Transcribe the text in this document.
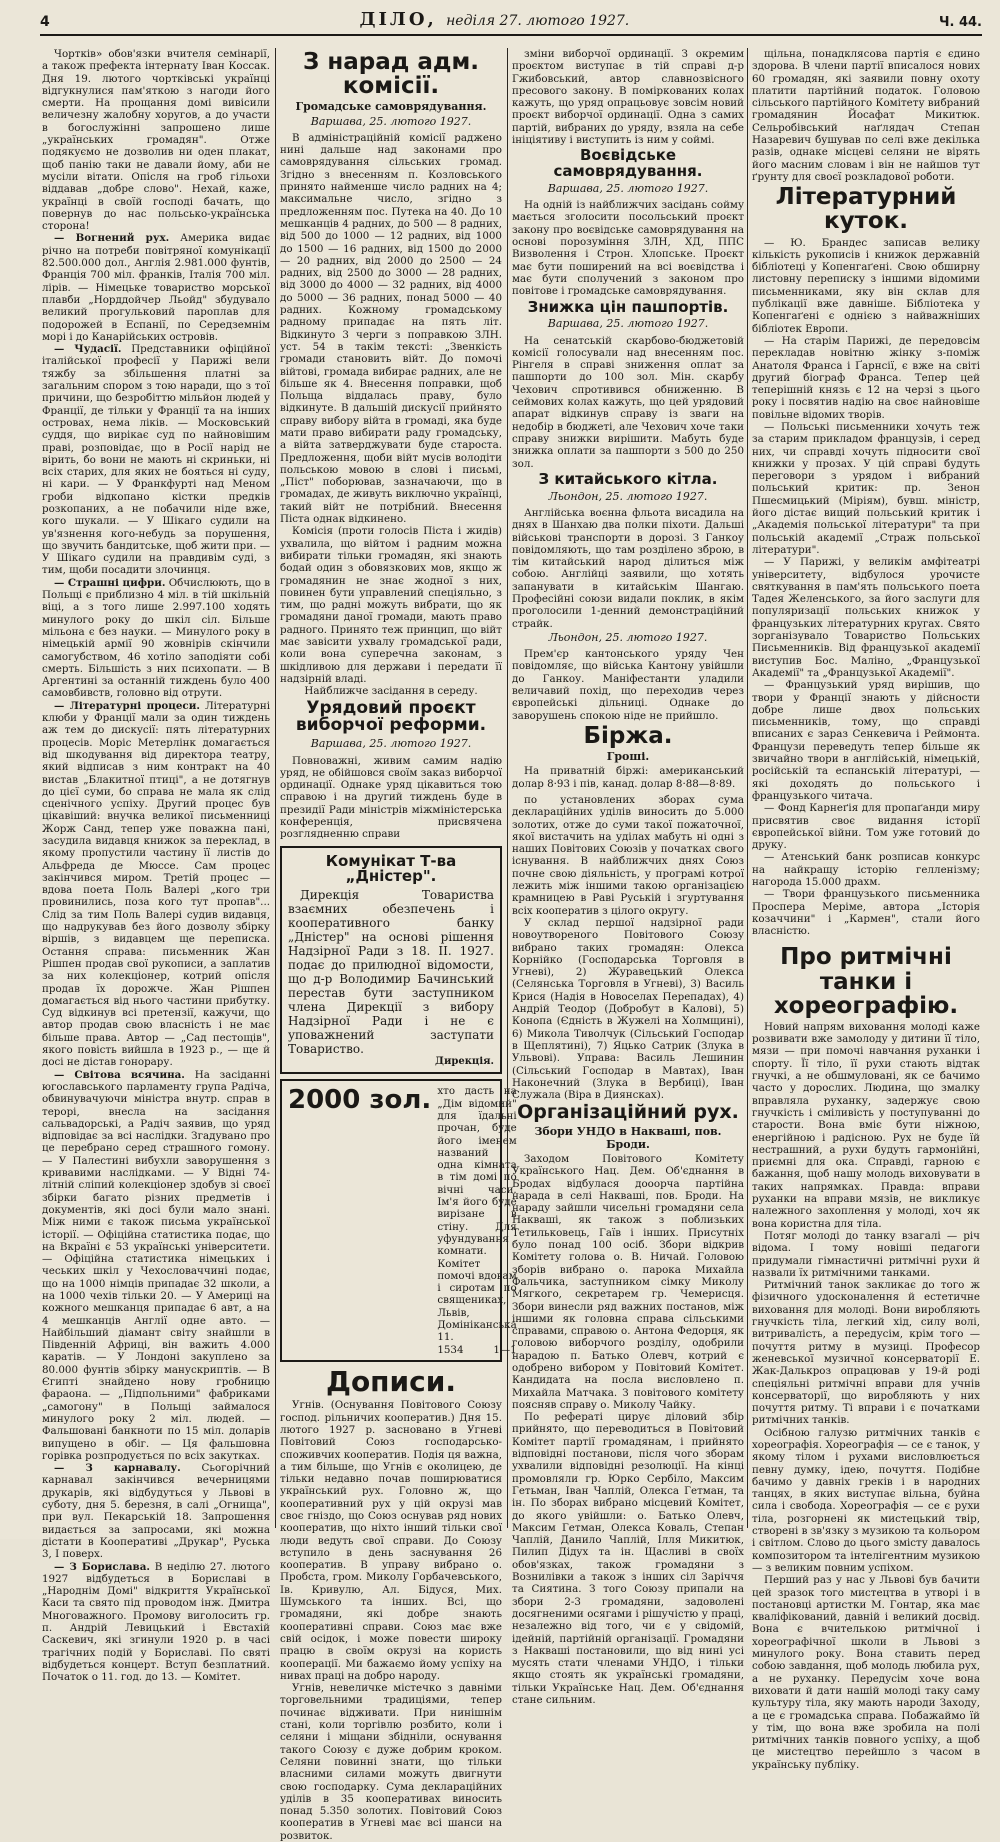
4	ДІЛО, неділя 27. лютого 1927.	Ч. 44.

Чортків» обов'язки вчителя семінарії, а також префекта інтернату Іван Коссак. Дня 19. лютого чортківські українці відгукнулися пам'яткою з нагоди його смерти. На прощання домі вивісили величезну жалобну хоругов, а до участи в богослужінні запрошено лише „українських громадян". Отже подякуємо не дозволив ни оден плакат, щоб панію таки не давали йому, аби не мусіли вітати. Опісля на гроб гільохи віддавав „добре слово". Нехай, каже, українці в своїй господі бачать, що повернув до нас польсько-українська сторона!

— Вогнений рух. Америка видає річно на потреби повітряної комунікації 82.500.000 дол., Англія 2.981.000 фунтів, Франція 700 міл. франків, Італія 700 міл. лірів. — Німецьке товариство морської плавби „Норддойчер Льойд" збудувало великий прогульковий пароплав для подорожей в Еспанії, по Середземнім морі і до Канарійських островів.

— Чудасії. Представники офіційної італійської професії у Парижі вели тяжбу за збільшення платні за загальним спором з тою наради, що з тої причини, що безробіттю мільйон людей у Франції, де тільки у Франції та на інших островах, нема ліків. — Московський суддя, що вирікає суд по найновішим праві, розповідає, що в Росії нарід не вірить, бо вони не мають ні скриньки, ні всіх старих, для яких не бояться ні суду, ні кари. — У Франкфурті над Меном гроби відкопано кістки предків розкопаних, а не побачили ніде вже, кого шукали. — У Шікаго судили на ув'язнення кого-небудь за порушення, що звучить бандитське, щоб жити при. — У Шікаго судили на правдивім суді, з тим, щоби посадити злочинця.

— Страшні цифри. Обчислюють, що в Польщі є приблизно 4 міл. в тій шкільній віці, а з того лише 2.997.100 ходять минулого року до шкіл сіл. Більше мільона є без науки. — Минулого року в німецькій армії 90 жовнірів скінчили самогубством, 46 хотіло заподіяти собі смерть. Більшість з них психопати. — В Аргентині за останній тиждень було 400 самовбивств, головно від отрути.

— Літературні процеси. Літературні клюби у Франції мали за один тиждень аж тем до дискусії: пять літературних процесів. Моріс Метерлінк домагається від шкодування від директора театру, який відписав з ним контракт на 40 вистав „Блакитної птиці", а не дотягнув до цієї суми, бо справа не мала як слід сценічного успіху. Другий процес був цікавіший: внучка великої письменниці Жорж Санд, тепер уже поважна пані, засудила видавця книжок за переклад, в якому пропустили частину її листів до Альфреда де Мюссе. Сам процес закінчився миром. Третій процес — вдова поета Поль Валері „кого три провинились, поза кого тут пропав"... Слід за тим Поль Валері судив видавця, що надрукував без його дозволу збірку віршів, з видавцем ще переписка. Остання справа: письменник Жан Рішпен продав свої рукописи, а заплатив за них колекціонер, котрий опісля продав їх дорожче. Жан Рішпен домагається від нього частини прибутку. Суд відкинув всі претензії, кажучи, що автор продав свою власність і не має більше права. Автор — „Сад пестощів", якого повість вийшла в 1923 р., — ще й досі не дістав гонорару.

— Світова всячина. На засіданні югославського парламенту група Радіча, обвинувачуючи міністра внутр. справ в терорі, внесла на засідання сальвадорські, а Радіч заявив, що уряд відповідає за всі наслідки. Згадувано про це перебрано серед страшного гомону. — У Палестині вибухли заворушення з кривавими наслідками. — У Відні 74-літній сліпий колекціонер здобув зі своєї збірки багато різних предметів і документів, які досі були мало знані. Між ними є також письма української історії. — Офіційна статистика подає, що на Вкраїні є 53 українські університети. — Офіційна статистика німецьких і чеських шкіл у Чехословаччині подає, що на 1000 німців припадає 32 школи, а на 1000 чехів тільки 20. — У Америці на кожного мешканця припадає 6 авт, а на 4 мешканців Англії одне авто. — Найбільший діамант світу знайшли в Південній Африці, він важить 4.000 каратів. — У Лондоні закуплено за 80.000 фунтів збірку манускриптів. — В Єгипті знайдено нову гробницю фараона. — „Підпольними" фабриками „самогону" в Польщі займалося минулого року 2 міл. людей. — Фальшовані банкноти по 15 міл. доларів випущено в обіг. — Ця фальшовна горівка розпродується по всіх закутках.

— З карнавалу. Сьогорічний карнавал закінчився вечерницями друкарів, які відбудуться у Львові в суботу, дня 5. березня, в салі „Огнища", при вул. Пекарській 18. Запрошення видається за запросами, які можна дістати в Кооперативі „Друкар", Руська 3, І поверх.

— З Борислава. В неділю 27. лютого 1927 відбудеться в Бориславі в „Народнім Домі" відкриття Української Каси та свято під проводом інж. Дмитра Многоважного. Промову виголосить гр. п. Андрій Левицький і Евстахій Саскевич, які згинули 1920 р. в часі трагічних подій у Бориславі. По святі відбудеться концерт. Вступ безплатний. Початок о 11. год. до 13. — Комітет.

З нарад адм. комісії.
Громадське самоврядування.
Варшава, 25. лютого 1927.

В адміністраційній комісії раджено нині дальше над законами про самоврядування сільських громад. Згідно з внесенням п. Козловського принято найменше число радних на 4; максимальне число, згідно з предложенням пос. Путека на 40. До 10 мешканців 4 радних, до 500 — 8 радних, від 500 до 1000 — 12 радних, від 1000 до 1500 — 16 радних, від 1500 до 2000 — 20 радних, від 2000 до 2500 — 24 радних, від 2500 до 3000 — 28 радних, від 3000 до 4000 — 32 радних, від 4000 до 5000 — 36 радних, понад 5000 — 40 радних. Кожному громадському радному припадає на пять літ. Відкинуто 3 черги з поправкою ЗЛН. уст. 54 в такім тексті: „Звенкість громади становить війт. До помочі війтові, громада вибирає радних, але не більше як 4. Внесення поправки, щоб Польща віддалась праву, було відкинуте. В дальшій дискусії прийнято справу вибору війта в громаді, яка буде мати право вибирати раду громадську, а війта затверджувати буде староста. Предложення, щоби війт мусів володіти польською мовою в слові і письмі, „Піст" поборював, зазначаючи, що в громадах, де живуть виключно українці, такий війт не потрібний. Внесення Піста однак відкинено.

Комісія (проти голосів Піста і жидів) ухвалила, що війтом і радним можна вибирати тільки громадян, які знають бодай один з обовязкових мов, якщо ж громадянин не знає жодної з них, повинен бути управлений спеціяльно, з тим, що радні можуть вибрати, що як громадяни даної громади, мають право радного. Принято теж принцип, що війт має завісити ухвалу громадської ради, коли вона суперечна законам, з шкідливою для держави і передати її надзірній владі.

Найближче засідання в середу.
Урядовий проєкт виборчої реформи.
Варшава, 25. лютого 1927.

Повноважні, живим самим надію уряд, не обійшовся своїм заказ виборчої ординації. Однаке уряд цікавиться тою справою і на другий тиждень буде в президії Ради міністрів міжміністерська конференція, присвячена розглядненню справи

Комунікат Т-ва „Дністер".

Дирекція Товариства взаємних обезпечень і кооперативного банку „Дністер" на основі рішення Надзірної Ради з 18. II. 1927. подає до прилюдної відомости, що д-р Володимир Бачинський перестав бути заступником члена Дирекції з вибору Надзірної Ради і не є уповажнений заступати Товариство.

Дирекція.
2000 зол. хто дасть на „Дім відомий" для їдальні прочан, буде його іменем названий одна кімната в тім домі по вічні часи. Ім'я його буде вирізане в стіну. Для уфундування комнати. Комітет помочі вдовам і сиротам по священиках, Львів, Домініканська 11.

1534	1—1
Дописи.

Угнів. (Оснування Повітового Союзу господ. рільничих кооператив.) Дня 15. лютого 1927 р. засновано в Угневі Повітовий Союз господарсько-споживчих кооператив. Подія ця важна, а тим більше, що Угнів є околицею, де тільки недавно почав поширюватися український рух. Головно ж, що кооперативний рух у цій окрузі мав своє гніздо, що Союз оснував ряд нових кооператив, що ніхто інший тільки свої люди ведуть свої справи. До Союзу вступило в день заснування 26 кооператив. В управу вибрано о. Пробста, гром. Миколу Горбачевського, Ів. Кривулю, Ал. Бідуся, Мих. Шумського та інших. Всі, що громадяни, які добре знають кооперативні справи. Союз має вже свій осідок, і може повести широку працю в своїм окрузі на користь кооперації. Ми бажаємо йому успіху на нивах праці на добро народу.

Угнів, невеличке містечко з давніми торговельними традиціями, тепер починає відживати. При нинішнім стані, коли торгівлю розбито, коли і селяни і міщани збідніли, оснування такого Союзу є дуже добрим кроком. Селяни повинні знати, що тільки власними силами можуть двигнути свою господарку. Сума деклараційних уділів в 35 кооперативах виносить понад 5.350 золотих. Повітовий Союз кооператив в Угневі має всі шанси на розвиток.

зміни виборчої ординації. З окремим проєктом виступає в тій справі д-р Гжибовський, автор славнозвісного пресового закону. В поміркованих колах кажуть, що уряд опрацьовує зовсім новий проєкт виборчої ординації. Одна з самих партій, вибраних до уряду, взяла на себе ініціятиву і виступить із ним у соймі.

Воєвідське самоврядування.
Варшава, 25. лютого 1927.

На одній із найближчих засідань сойму мається зголосити посольський проєкт закону про воєвідське самоврядування на основі порозуміння ЗЛН, ХД, ППС Визволення і Строн. Хлопське. Проєкт має бути поширений на всі воєвідства і має бути сполучений з законом про повітове і громадське самоврядування.

Знижка цін пашпортів.
Варшава, 25. лютого 1927.

На сенатській скарбово-бюджетовій комісії голосували над внесенням пос. Рінгеля в справі зниження оплат за пашпорти до 100 зол. Мін. скарбу Чехович спротивився обниженню. В сеймових колах кажуть, що цей урядовий апарат відкинув справу із зваги на недобір в бюджеті, але Чехович хоче таки справу знижки вирішити. Мабуть буде знижка оплати за пашпорти з 500 до 250 зол.

З китайського кітла.
Льондон, 25. лютого 1927.

Англійська воєнна фльота висадила на днях в Шанхаю два полки піхоти. Дальші військові транспорти в дорозі. З Ганкоу повідомляють, що там розділено зброю, в тім китайський народ ділиться між собою. Англійці заявили, що хотять запанувати в китайськім Шангаю. Професійні союзи видали поклик, в якім проголосили 1-денний демонстраційний страйк.

Льондон, 25. лютого 1927.

Прем'єр кантонського уряду Чен повідомляє, що війська Кантону увійшли до Ганкоу. Маніфестанти уладили величавий похід, що переходив через європейські дільниці. Однаке до заворушень спокою ніде не прийшло.

Біржа.
Гроші.

На приватній біржі: американський долар 8·93 і пів, канад. долар 8·88—8·89.

по установлених зборах сума деклараційних уділів виносить до 5.000 золотих, отже до суми такої пожаточної, якої вистачить на уділах мабуть ні одні з наших Повітових Союзів у початках свого існування. В найближчих днях Союз почне свою діяльність, у програмі котрої лежить між іншими такою організацією крамницею в Раві Руській і згуртування всіх кооператив з цілого округу.

У склад першої надзірної ради новоутвореного Повітового Союзу вибрано таких громадян: Олекса Корнійко (Господарська Торговля в Угневі), 2) Журавецький Олекса (Селянська Торговля в Угневі), 3) Василь Крися (Надія в Новоселах Перепадах), 4) Андрій Теодор (Добробут в Калові), 5) Конопа (Єдність в Жужелі на Холмщині), 6) Микола Тиволчук (Сільський Господар в Щеплятині), 7) Яцько Сатрик (Злука в Ульвові). Управа: Василь Лешинин (Сільський Господар в Мавтах), Іван Наконечний (Злука в Вербиці), Іван Служала (Віра в Диянсках).

Організаційний рух.
Збори УНДО в Накваші, пов. Броди.

Заходом Повітового Комітету Українського Нац. Дем. Об'єднання в Бродах відбулася дооорча партійна нарада в селі Накваші, пов. Броди. На нараду зайшли чисельні громадяни села Накваші, як також з поблизьких Тетильковець, Гаїв і інших. Присутніх було понад 100 осіб. Збори відкрив Комітету голова о. В. Ничай. Головою зборів вибрано о. парока Михайла Фальчика, заступником сімку Миколу Мягкого, секретарем гр. Чемерисця. Збори винесли ряд важних постанов, між іншими як головна справа сільськими справами, справою о. Антона Федорця, як головою виборчого розділу, одобрили нарадою п. Батько Олевч, котрий є одобрено вибором у Повітовий Комітет. Кандидата на посла висловлено п. Михайла Матчака. З повітового комітету поясняв справу о. Миколу Чайку.

По рефераті цирує діловий збір прийнято, що переводиться в Повітовий Комітет партії громадянам, і прийнято відповідні постанови, після чого зборам ухвалили відповідні резолюції. На кінці промовляли гр. Юрко Сербіло, Максим Гетьман, Іван Чаплій, Олекса Гетман, та ін. По зборах вибрано місцевий Комітет, до якого увійшли: о. Батько Олевч, Максим Гетман, Олекса Коваль, Степан Чаплій, Данило Чаплій, Ілля Микитюк, Пилип Дідух та ін. Щасливі в своїх обов'язках, також громадяни з Вознилівки а також з інших сіл Заріччя та Сиятина. З того Союзу припали на збори 2-3 громадяни, задоволені досягненими осягами і рішучістю у праці, незалежно від того, чи є у свідомій, ідейній, партійній організації. Громадяни з Накваші постановили, що від нині усі мусять стати членами УНДО, і тільки якщо стоять як українські громадяни, тільки Українське Нац. Дем. Об'єднання стане сильним.

щільна, понадклясова партія є єдино здорова. В члени партії вписалося нових 60 громадян, які заявили повну охоту платити партійний податок. Головою сільського партійного Комітету вибраний громадянин Йосафат Микитюк. Сельробівський наґлядач Степан Назаревич бушував по селі вже декілька разів, однаке місцеві селяни не вірять його масним словам і він не найшов тут ґрунту для своєї розкладової роботи.

Літературний куток.

— Ю. Брандес записав велику кількість рукописів і книжок державній бібліотеці у Копенгаґені. Свою обширну листовну переписку з іншими відомими письменниками, яку він склав для публікації вже давніше. Бібліотека у Копенгаґені є однією з найважніших бібліотек Европи.

— На старім Парижі, де передовсім перекладав новітню жінку з-поміж Анатоля Франса і Ґарнсії, є вже на світі другий біограф Франса. Тепер цей теперішній князь є 12 на черзі з цього року і посвятив надію на своє найновіше повільне відомих творів.

— Польські письменники хочуть теж за старим прикладом французів, і серед них, чи справді хочуть підносити свої книжки у прозах. У цій справі будуть переговори з урядом і вибраний польський критик: пр. Зенон Пшесмицький (Міріям), бувш. міністр, його дістає вищий польський критик і „Академія польської літератури" та при польській академії „Страж польської літератури".

— У Парижі, у великім амфітеатрі університету, відбулося урочисте святкування в пам'ять польського поета Тадея Желенського, за його заслуги для популяризації польських книжок у французьких літературних кругах. Свято зорганізувало Товариство Польських Письменників. Від французької академії виступив Бос. Маліно, „Французької Академії" та „Французької Академії".

— Французький уряд вирішив, що твори у Франції знають у дійсности добре лише двох польських письменників, тому, що справді вписаних є зараз Сенкевича і Реймонта. Французи переведуть тепер більше як звичайно твори в англійській, німецькій, російській та еспанській літературі, — які доходять до польського і французького читача.

— Фонд Карнеґія для пропаґанди миру присвятив своє видання історії європейської війни. Том уже готовий до друку.

— Атенський банк розписав конкурс на найкращу історію гелленізму; нагорода 15.000 драхм.

— Твори французького письменника Проспера Меріме, автора „Історія козаччини" і „Кармен", стали його власністю.

Про ритмічні танки і хореографію.

Новий напрям виховання молоді каже розвивати вже замолоду у дитини її тіло, мязи — при помочі навчання руханки і спорту. Її тіло, її рухи стають відтак гнучкі, а не обшмуловані, як се бачимо часто у дорослих. Людина, що змалку вправляла руханку, задержує свою гнучкість і сміливість у поступуванні до старости. Вона вміє бути ніжною, енергійною і радісною. Рух не буде їй нестрашний, а рухи будуть гармонійні, приємні для ока. Справді, гарною є бажання, щоб нашу молодь виховувати в таких напрямках. Правда: вправи руханки на вправи мязів, не викликує належного захоплення у молоді, хоч як вона користна для тіла.

Потяг молоді до танку взагалі — річ відома. І тому новіші педагоги придумали гімнастичні ритмічні рухи й назвали їх ритмічними танками.

Ритмічний танок закликає до того ж фізичного удосконалення й естетичне виховання для молоді. Вони виробляють гнучкість тіла, легкий хід, силу волі, витривалість, а передусім, крім того — почуття ритму в музиці. Професор женевської музичної консерваторії Е. Жак-Далькроз опрацював у 19-й роді спеціяльні ритмічні вправи для учнів консерваторії, що виробляють у них почуття ритму. Ті вправи і є початками ритмічних танків.

Осібною галузю ритмічних танків є хореографія. Хореографія — се є танок, у якому тілом і рухами висловлюється певну думку, ідею, почуття. Подібне бачимо у давніх греків і в народних танцях, в яких виступає вільна, буйна сила і свобода. Хореографія — се є рухи тіла, розгорнені як мистецький твір, створені в зв'язку з музикою та кольором і світлом. Слово до цього змісту давалось композитором та інтелігентним музикою — з великим повним успіхом.

Перший раз у нас у Львові був бачити цей зразок того мистецтва в утворі і в постановці артистки М. Гонтар, яка має кваліфікований, давній і великий досвід. Вона є вчителькою ритмічної і хореографічної школи в Львові з минулого року. Вона ставить перед собою завдання, щоб молодь любила рух, а не руханку. Передусім хоче вона виховати й дати нашій молоді таку саму культуру тіла, яку мають народи Заходу, а це є громадська справа. Побажаймо їй у тім, що вона вже зробила на полі ритмічних танків повного успіху, а щоб це мистецтво перейшло з часом в українську публіку.
